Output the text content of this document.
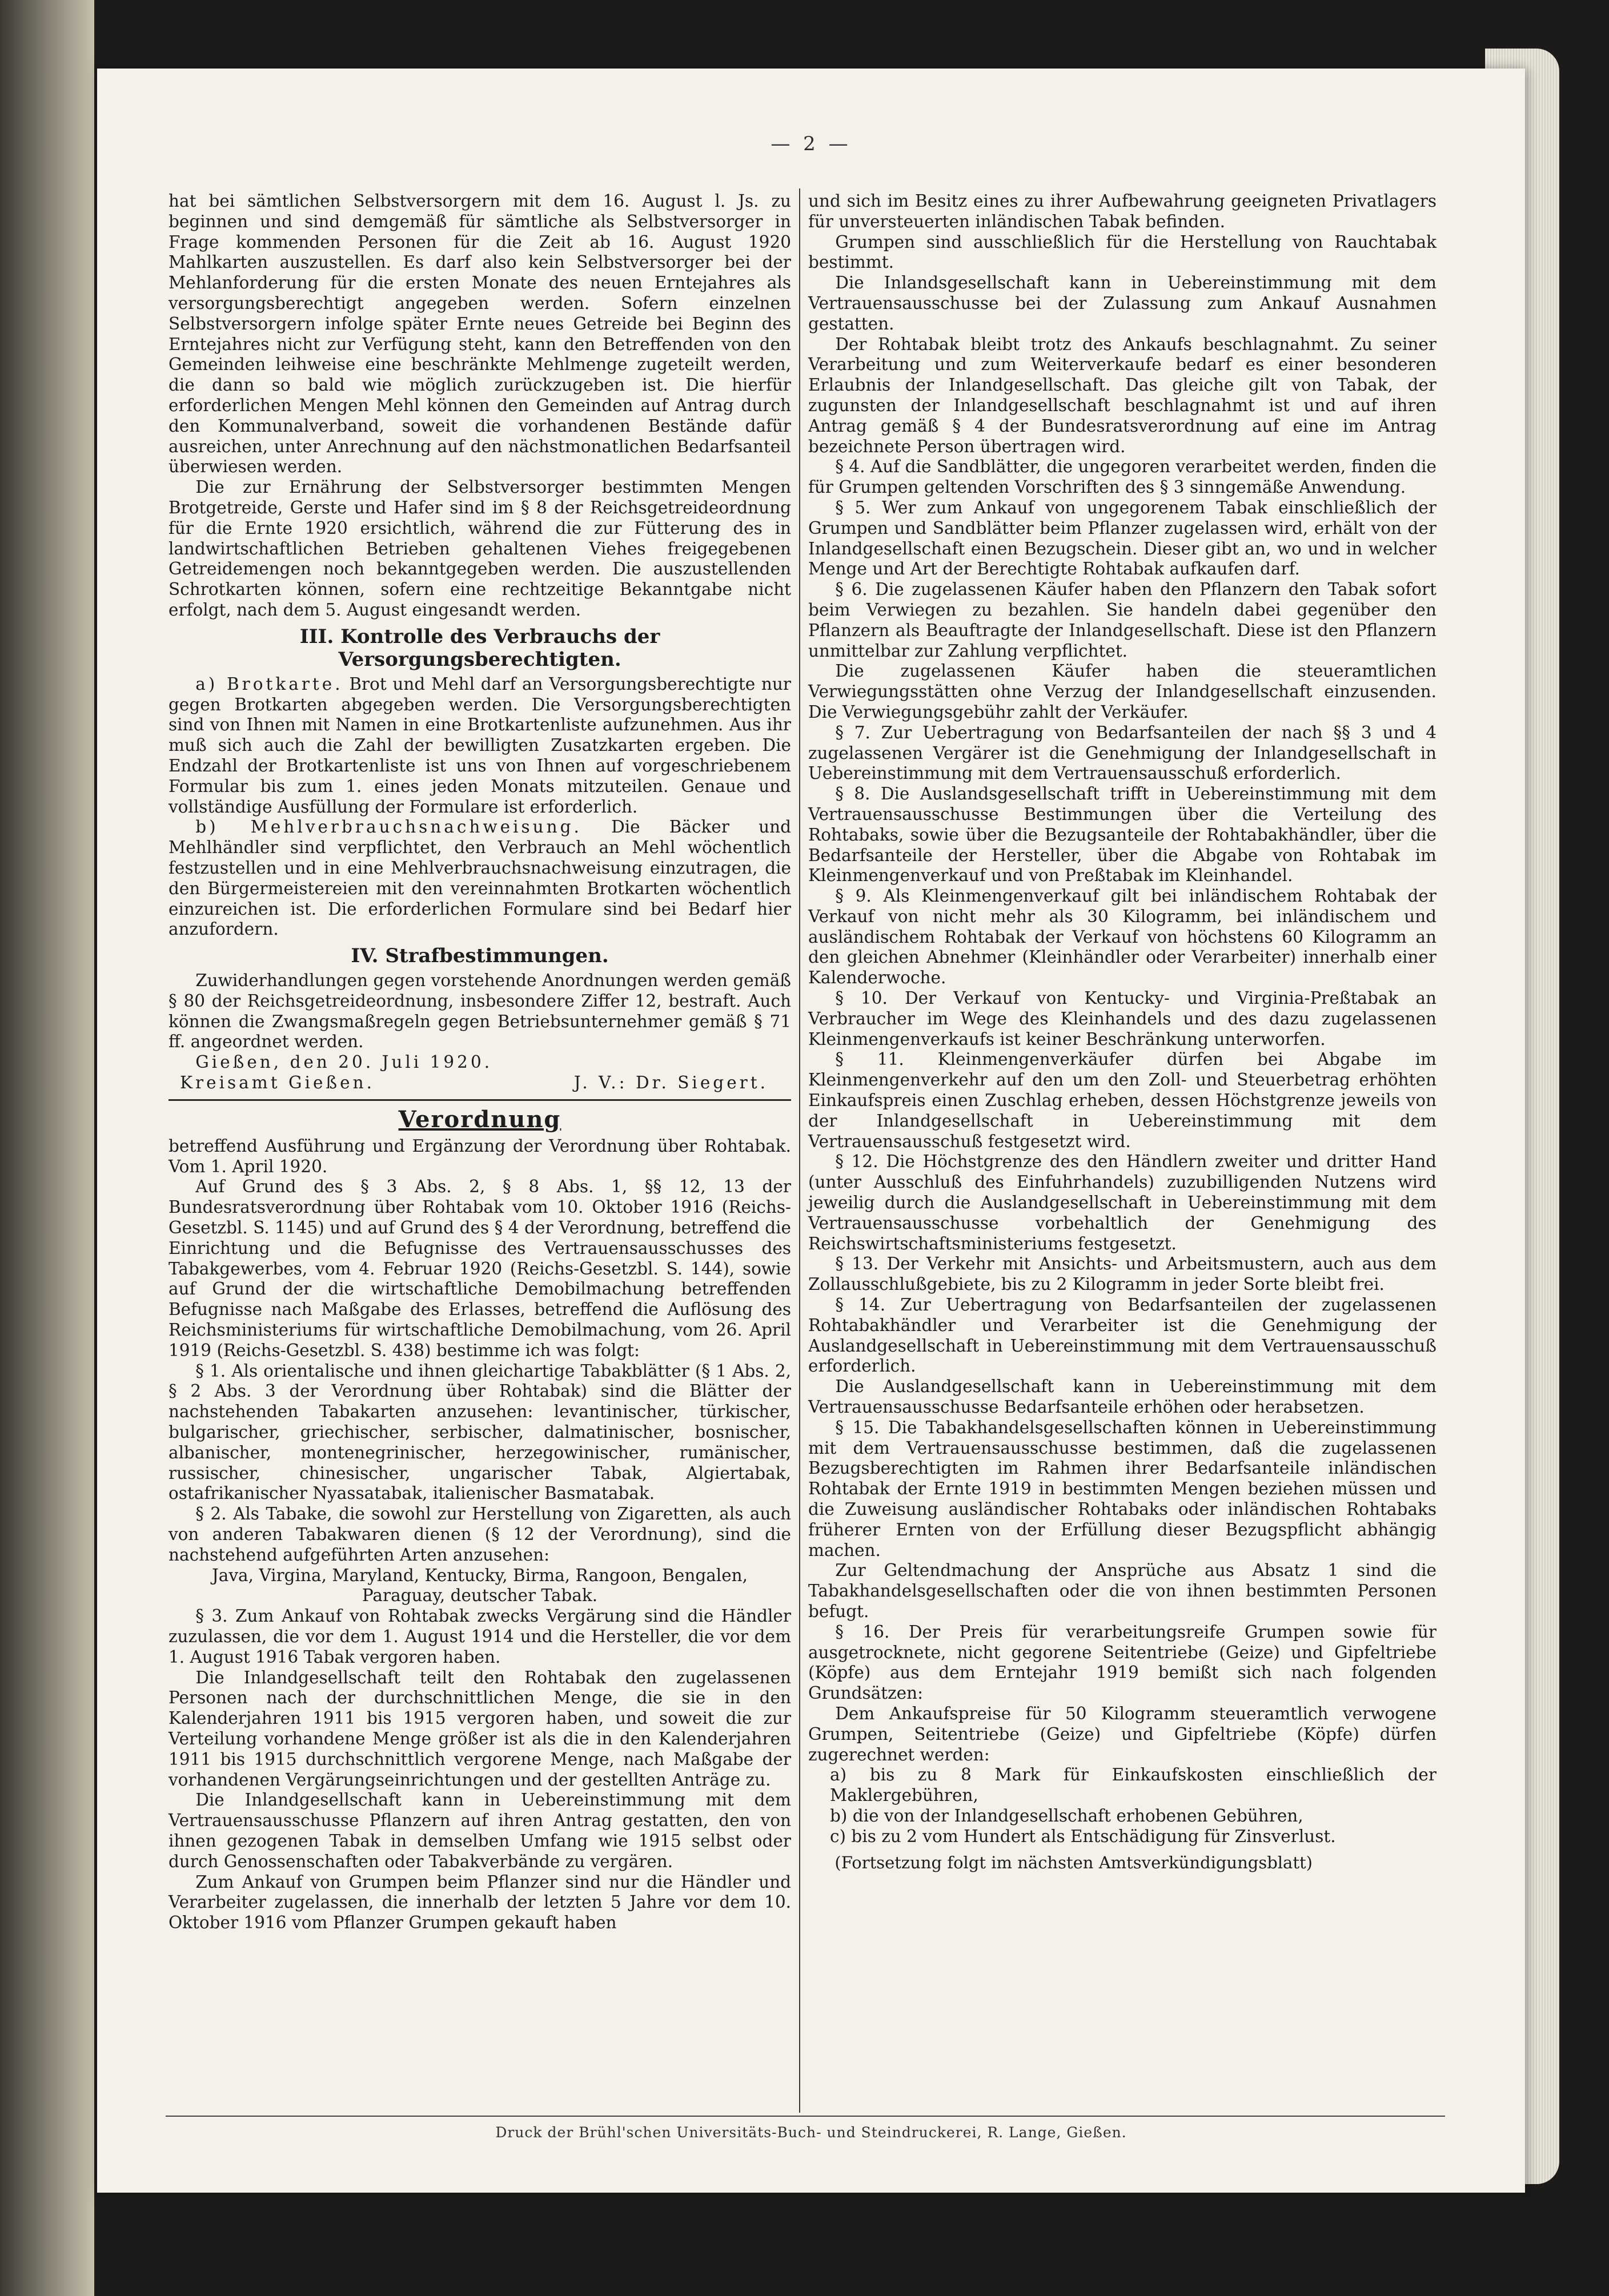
— 2 —

hat bei sämtlichen Selbstversorgern mit dem 16. August l. Js. zu beginnen und sind demgemäß für sämtliche als Selbstversorger in Frage kommenden Personen für die Zeit ab 16. August 1920 Mahlkarten auszustellen. Es darf also kein Selbstversorger bei der Mehlanforderung für die ersten Monate des neuen Erntejahres als versorgungsberechtigt angegeben werden. Sofern einzelnen Selbstversorgern infolge später Ernte neues Getreide bei Beginn des Erntejahres nicht zur Verfügung steht, kann den Betreffenden von den Gemeinden leihweise eine beschränkte Mehlmenge zugeteilt werden, die dann so bald wie möglich zurückzugeben ist. Die hierfür erforderlichen Mengen Mehl können den Gemeinden auf Antrag durch den Kommunalverband, soweit die vorhandenen Bestände dafür ausreichen, unter Anrechnung auf den nächstmonatlichen Bedarfsanteil überwiesen werden.

Die zur Ernährung der Selbstversorger bestimmten Mengen Brotgetreide, Gerste und Hafer sind im § 8 der Reichsgetreideordnung für die Ernte 1920 ersichtlich, während die zur Fütterung des in landwirtschaftlichen Betrieben gehaltenen Viehes freigegebenen Getreidemengen noch bekanntgegeben werden. Die auszustellenden Schrotkarten können, sofern eine rechtzeitige Bekanntgabe nicht erfolgt, nach dem 5. August eingesandt werden.

III. Kontrolle des Verbrauchs der Versorgungsberechtigten.

a) Brotkarte. Brot und Mehl darf an Versorgungsberechtigte nur gegen Brotkarten abgegeben werden. Die Versorgungsberechtigten sind von Ihnen mit Namen in eine Brotkartenliste aufzunehmen. Aus ihr muß sich auch die Zahl der bewilligten Zusatzkarten ergeben. Die Endzahl der Brotkartenliste ist uns von Ihnen auf vorgeschriebenem Formular bis zum 1. eines jeden Monats mitzuteilen. Genaue und vollständige Ausfüllung der Formulare ist erforderlich.

b) Mehlverbrauchsnachweisung. Die Bäcker und Mehlhändler sind verpflichtet, den Verbrauch an Mehl wöchentlich festzustellen und in eine Mehlverbrauchsnachweisung einzutragen, die den Bürgermeistereien mit den vereinnahmten Brotkarten wöchentlich einzureichen ist. Die erforderlichen Formulare sind bei Bedarf hier anzufordern.

IV. Strafbestimmungen.

Zuwiderhandlungen gegen vorstehende Anordnungen werden gemäß § 80 der Reichsgetreideordnung, insbesondere Ziffer 12, bestraft. Auch können die Zwangsmaßregeln gegen Betriebsunternehmer gemäß § 71 ff. angeordnet werden.

Gießen, den 20. Juli 1920.

Kreisamt Gießen.	J. V.: Dr. Siegert.
Verordnung

betreffend Ausführung und Ergänzung der Verordnung über Rohtabak. Vom 1. April 1920.

Auf Grund des § 3 Abs. 2, § 8 Abs. 1, §§ 12, 13 der Bundesratsverordnung über Rohtabak vom 10. Oktober 1916 (Reichs-Gesetzbl. S. 1145) und auf Grund des § 4 der Verordnung, betreffend die Einrichtung und die Befugnisse des Vertrauensausschusses des Tabakgewerbes, vom 4. Februar 1920 (Reichs-Gesetzbl. S. 144), sowie auf Grund der die wirtschaftliche Demobilmachung betreffenden Befugnisse nach Maßgabe des Erlasses, betreffend die Auflösung des Reichsministeriums für wirtschaftliche Demobilmachung, vom 26. April 1919 (Reichs-Gesetzbl. S. 438) bestimme ich was folgt:

§ 1. Als orientalische und ihnen gleichartige Tabakblätter (§ 1 Abs. 2, § 2 Abs. 3 der Verordnung über Rohtabak) sind die Blätter der nachstehenden Tabakarten anzusehen: levantinischer, türkischer, bulgarischer, griechischer, serbischer, dalmatinischer, bosnischer, albanischer, montenegrinischer, herzegowinischer, rumänischer, russischer, chinesischer, ungarischer Tabak, Algiertabak, ostafrikanischer Nyassatabak, italienischer Basmatabak.

§ 2. Als Tabake, die sowohl zur Herstellung von Zigaretten, als auch von anderen Tabakwaren dienen (§ 12 der Verordnung), sind die nachstehend aufgeführten Arten anzusehen:

Java, Virgina, Maryland, Kentucky, Birma, Rangoon, Bengalen, Paraguay, deutscher Tabak.

§ 3. Zum Ankauf von Rohtabak zwecks Vergärung sind die Händler zuzulassen, die vor dem 1. August 1914 und die Hersteller, die vor dem 1. August 1916 Tabak vergoren haben.

Die Inlandgesellschaft teilt den Rohtabak den zugelassenen Personen nach der durchschnittlichen Menge, die sie in den Kalenderjahren 1911 bis 1915 vergoren haben, und soweit die zur Verteilung vorhandene Menge größer ist als die in den Kalenderjahren 1911 bis 1915 durchschnittlich vergorene Menge, nach Maßgabe der vorhandenen Vergärungseinrichtungen und der gestellten Anträge zu.

Die Inlandgesellschaft kann in Uebereinstimmung mit dem Vertrauensausschusse Pflanzern auf ihren Antrag gestatten, den von ihnen gezogenen Tabak in demselben Umfang wie 1915 selbst oder durch Genossenschaften oder Tabakverbände zu vergären.

Zum Ankauf von Grumpen beim Pflanzer sind nur die Händler und Verarbeiter zugelassen, die innerhalb der letzten 5 Jahre vor dem 10. Oktober 1916 vom Pflanzer Grumpen gekauft haben

und sich im Besitz eines zu ihrer Aufbewahrung geeigneten Privatlagers für unversteuerten inländischen Tabak befinden.

Grumpen sind ausschließlich für die Herstellung von Rauchtabak bestimmt.

Die Inlandsgesellschaft kann in Uebereinstimmung mit dem Vertrauensausschusse bei der Zulassung zum Ankauf Ausnahmen gestatten.

Der Rohtabak bleibt trotz des Ankaufs beschlagnahmt. Zu seiner Verarbeitung und zum Weiterverkaufe bedarf es einer besonderen Erlaubnis der Inlandgesellschaft. Das gleiche gilt von Tabak, der zugunsten der Inlandgesellschaft beschlagnahmt ist und auf ihren Antrag gemäß § 4 der Bundesratsverordnung auf eine im Antrag bezeichnete Person übertragen wird.

§ 4. Auf die Sandblätter, die ungegoren verarbeitet werden, finden die für Grumpen geltenden Vorschriften des § 3 sinngemäße Anwendung.

§ 5. Wer zum Ankauf von ungegorenem Tabak einschließlich der Grumpen und Sandblätter beim Pflanzer zugelassen wird, erhält von der Inlandgesellschaft einen Bezugschein. Dieser gibt an, wo und in welcher Menge und Art der Berechtigte Rohtabak aufkaufen darf.

§ 6. Die zugelassenen Käufer haben den Pflanzern den Tabak sofort beim Verwiegen zu bezahlen. Sie handeln dabei gegenüber den Pflanzern als Beauftragte der Inlandgesellschaft. Diese ist den Pflanzern unmittelbar zur Zahlung verpflichtet.

Die zugelassenen Käufer haben die steueramtlichen Verwiegungsstätten ohne Verzug der Inlandgesellschaft einzusenden. Die Verwiegungsgebühr zahlt der Verkäufer.

§ 7. Zur Uebertragung von Bedarfsanteilen der nach §§ 3 und 4 zugelassenen Vergärer ist die Genehmigung der Inlandgesellschaft in Uebereinstimmung mit dem Vertrauensausschuß erforderlich.

§ 8. Die Auslandsgesellschaft trifft in Uebereinstimmung mit dem Vertrauensausschusse Bestimmungen über die Verteilung des Rohtabaks, sowie über die Bezugsanteile der Rohtabakhändler, über die Bedarfsanteile der Hersteller, über die Abgabe von Rohtabak im Kleinmengenverkauf und von Preßtabak im Kleinhandel.

§ 9. Als Kleinmengenverkauf gilt bei inländischem Rohtabak der Verkauf von nicht mehr als 30 Kilogramm, bei inländischem und ausländischem Rohtabak der Verkauf von höchstens 60 Kilogramm an den gleichen Abnehmer (Kleinhändler oder Verarbeiter) innerhalb einer Kalenderwoche.

§ 10. Der Verkauf von Kentucky- und Virginia-Preßtabak an Verbraucher im Wege des Kleinhandels und des dazu zugelassenen Kleinmengenverkaufs ist keiner Beschränkung unterworfen.

§ 11. Kleinmengenverkäufer dürfen bei Abgabe im Kleinmengenverkehr auf den um den Zoll- und Steuerbetrag erhöhten Einkaufspreis einen Zuschlag erheben, dessen Höchstgrenze jeweils von der Inlandgesellschaft in Uebereinstimmung mit dem Vertrauensausschuß festgesetzt wird.

§ 12. Die Höchstgrenze des den Händlern zweiter und dritter Hand (unter Ausschluß des Einfuhrhandels) zuzubilligenden Nutzens wird jeweilig durch die Auslandgesellschaft in Uebereinstimmung mit dem Vertrauensausschusse vorbehaltlich der Genehmigung des Reichswirtschaftsministeriums festgesetzt.

§ 13. Der Verkehr mit Ansichts- und Arbeitsmustern, auch aus dem Zollausschlußgebiete, bis zu 2 Kilogramm in jeder Sorte bleibt frei.

§ 14. Zur Uebertragung von Bedarfsanteilen der zugelassenen Rohtabakhändler und Verarbeiter ist die Genehmigung der Auslandgesellschaft in Uebereinstimmung mit dem Vertrauensausschuß erforderlich.

Die Auslandgesellschaft kann in Uebereinstimmung mit dem Vertrauensausschusse Bedarfsanteile erhöhen oder herabsetzen.

§ 15. Die Tabakhandelsgesellschaften können in Uebereinstimmung mit dem Vertrauensausschusse bestimmen, daß die zugelassenen Bezugsberechtigten im Rahmen ihrer Bedarfsanteile inländischen Rohtabak der Ernte 1919 in bestimmten Mengen beziehen müssen und die Zuweisung ausländischer Rohtabaks oder inländischen Rohtabaks früherer Ernten von der Erfüllung dieser Bezugspflicht abhängig machen.

Zur Geltendmachung der Ansprüche aus Absatz 1 sind die Tabakhandelsgesellschaften oder die von ihnen bestimmten Personen befugt.

§ 16. Der Preis für verarbeitungsreife Grumpen sowie für ausgetrocknete, nicht gegorene Seitentriebe (Geize) und Gipfeltriebe (Köpfe) aus dem Erntejahr 1919 bemißt sich nach folgenden Grundsätzen:

Dem Ankaufspreise für 50 Kilogramm steueramtlich verwogene Grumpen, Seitentriebe (Geize) und Gipfeltriebe (Köpfe) dürfen zugerechnet werden:

a) bis zu 8 Mark für Einkaufskosten einschließlich der Maklergebühren,

b) die von der Inlandgesellschaft erhobenen Gebühren,

c) bis zu 2 vom Hundert als Entschädigung für Zinsverlust.

(Fortsetzung folgt im nächsten Amtsverkündigungsblatt)

Druck der Brühl'schen Universitäts-Buch- und Steindruckerei, R. Lange, Gießen.
